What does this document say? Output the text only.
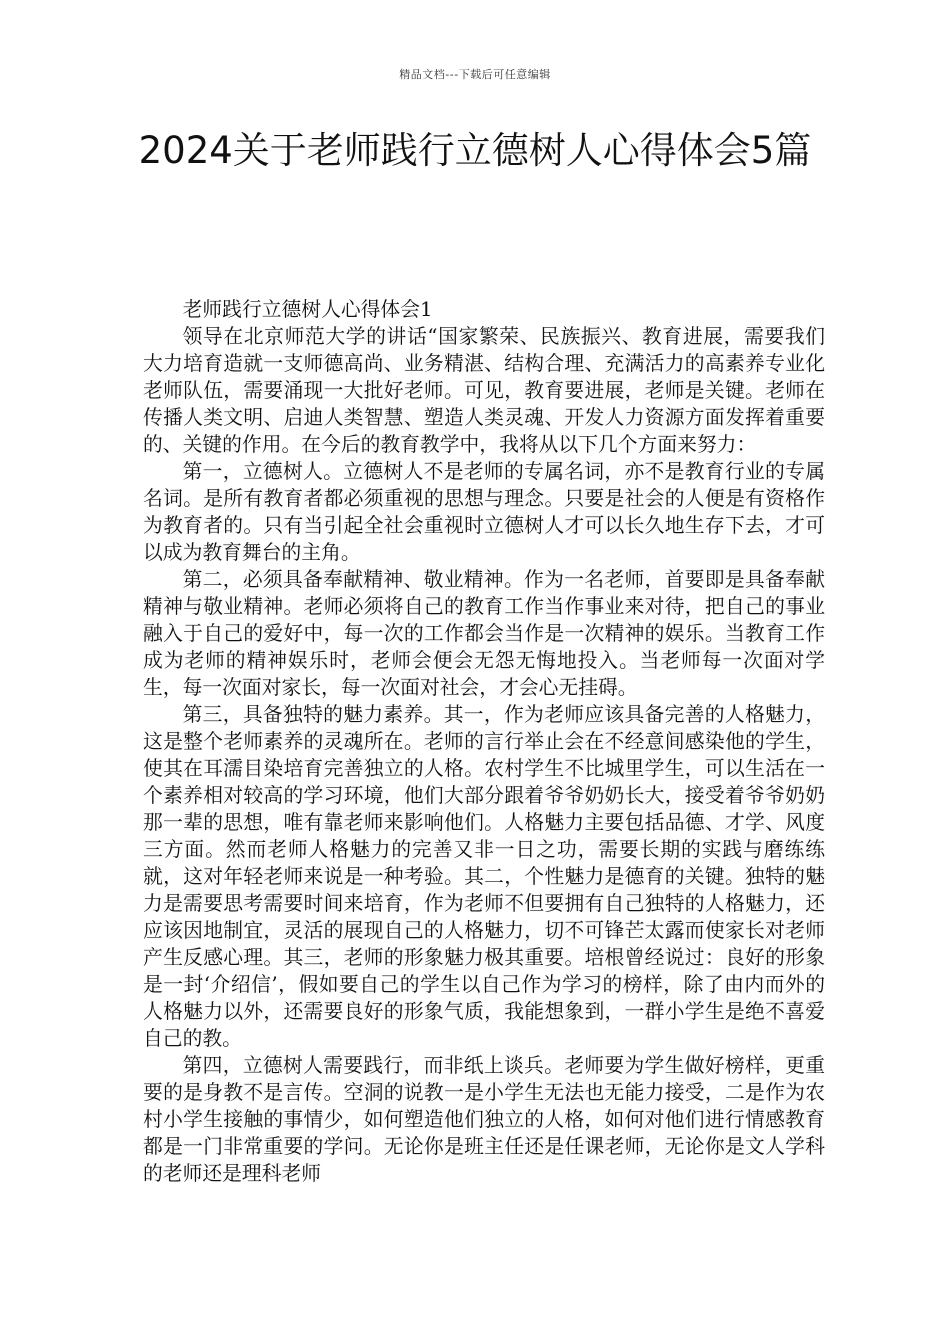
精品文档---下载后可任意编辑
2024关于老师践行立德树人心得体会5篇

老师践行立德树人心得体会1

领导在北京师范大学的讲话“国家繁荣、民族振兴、教育进展，需要我们大力培育造就一支师德高尚、业务精湛、结构合理、充满活力的高素养专业化老师队伍，需要涌现一大批好老师。可见，教育要进展，老师是关键。老师在传播人类文明、启迪人类智慧、塑造人类灵魂、开发人力资源方面发挥着重要的、关键的作用。在今后的教育教学中，我将从以下几个方面来努力：

第一，立德树人。立德树人不是老师的专属名词，亦不是教育行业的专属名词。是所有教育者都必须重视的思想与理念。只要是社会的人便是有资格作为教育者的。只有当引起全社会重视时立德树人才可以长久地生存下去，才可以成为教育舞台的主角。

第二，必须具备奉献精神、敬业精神。作为一名老师，首要即是具备奉献精神与敬业精神。老师必须将自己的教育工作当作事业来对待，把自己的事业融入于自己的爱好中，每一次的工作都会当作是一次精神的娱乐。当教育工作成为老师的精神娱乐时，老师会便会无怨无悔地投入。当老师每一次面对学生，每一次面对家长，每一次面对社会，才会心无挂碍。

第三，具备独特的魅力素养。其一，作为老师应该具备完善的人格魅力，这是整个老师素养的灵魂所在。老师的言行举止会在不经意间感染他的学生，使其在耳濡目染培育完善独立的人格。农村学生不比城里学生，可以生活在一个素养相对较高的学习环境，他们大部分跟着爷爷奶奶长大，接受着爷爷奶奶那一辈的思想，唯有靠老师来影响他们。人格魅力主要包括品德、才学、风度三方面。然而老师人格魅力的完善又非一日之功，需要长期的实践与磨练练就，这对年轻老师来说是一种考验。其二，个性魅力是德育的关键。独特的魅力是需要思考需要时间来培育，作为老师不但要拥有自己独特的人格魅力，还应该因地制宜，灵活的展现自己的人格魅力，切不可锋芒太露而使家长对老师产生反感心理。其三，老师的形象魅力极其重要。培根曾经说过：良好的形象是一封‘介绍信’，假如要自己的学生以自己作为学习的榜样，除了由内而外的人格魅力以外，还需要良好的形象气质，我能想象到，一群小学生是绝不喜爱自己的教。

第四，立德树人需要践行，而非纸上谈兵。老师要为学生做好榜样，更重要的是身教不是言传。空洞的说教一是小学生无法也无能力接受，二是作为农村小学生接触的事情少，如何塑造他们独立的人格，如何对他们进行情感教育都是一门非常重要的学问。无论你是班主任还是任课老师，无论你是文人学科的老师还是理科老师
